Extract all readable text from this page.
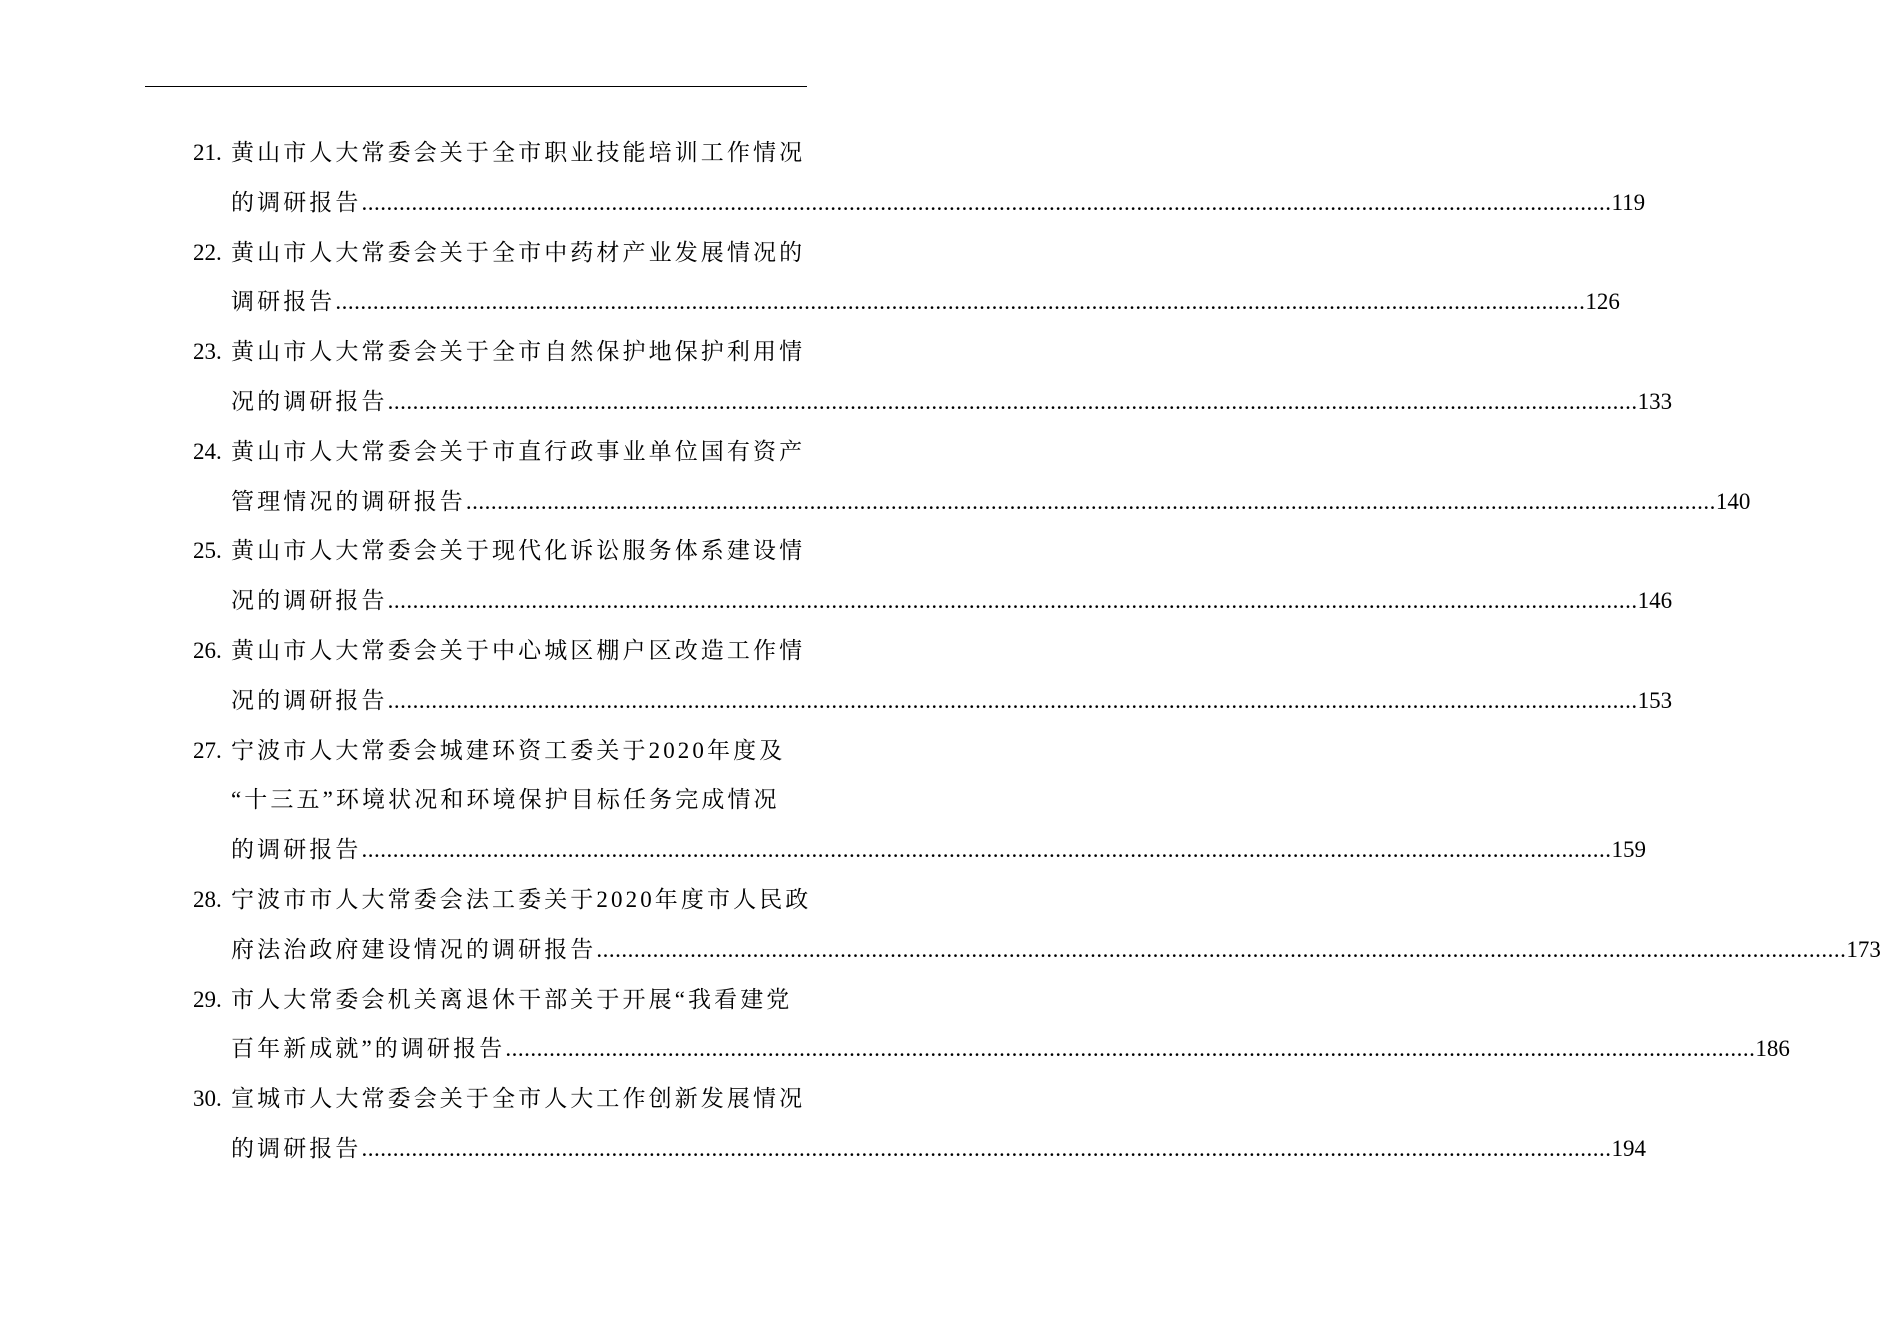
21. 黄山市人大常委会关于全市职业技能培训工作情况
的调研报告 ........................................................................................................................................................................................................ 119
22. 黄山市人大常委会关于全市中药材产业发展情况的
调研报告 ........................................................................................................................................................................................................ 126
23. 黄山市人大常委会关于全市自然保护地保护利用情
况的调研报告 ........................................................................................................................................................................................................ 133
24. 黄山市人大常委会关于市直行政事业单位国有资产
管理情况的调研报告 ........................................................................................................................................................................................................ 140
25. 黄山市人大常委会关于现代化诉讼服务体系建设情
况的调研报告 ........................................................................................................................................................................................................ 146
26. 黄山市人大常委会关于中心城区棚户区改造工作情
况的调研报告 ........................................................................................................................................................................................................ 153
27. 宁波市人大常委会城建环资工委关于2020年度及
“十三五”环境状况和环境保护目标任务完成情况
的调研报告 ........................................................................................................................................................................................................ 159
28. 宁波市市人大常委会法工委关于2020年度市人民政
府法治政府建设情况的调研报告 ........................................................................................................................................................................................................ 173
29. 市人大常委会机关离退休干部关于开展“我看建党
百年新成就”的调研报告 ........................................................................................................................................................................................................ 186
30. 宣城市人大常委会关于全市人大工作创新发展情况
的调研报告 ........................................................................................................................................................................................................ 194
